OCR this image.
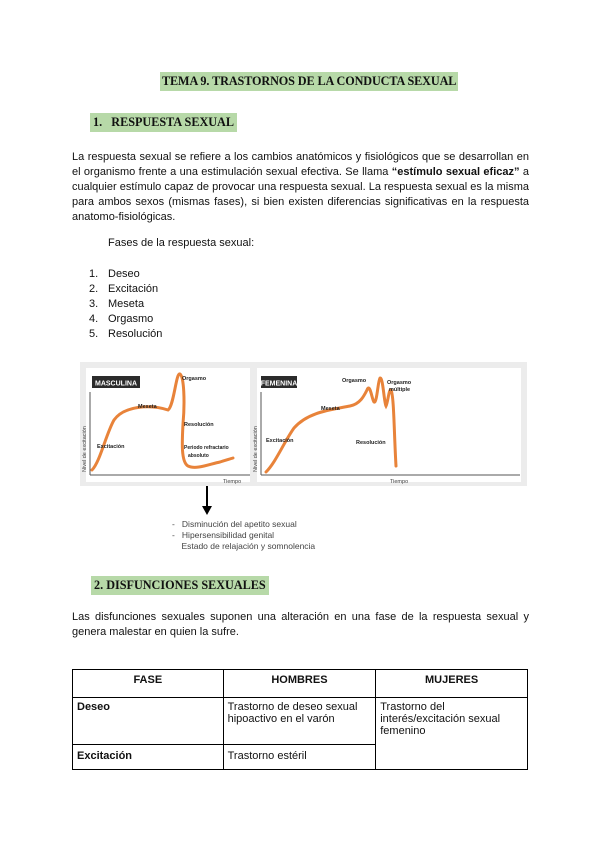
TEMA 9. TRASTORNOS DE LA CONDUCTA SEXUAL
1.   RESPUESTA SEXUAL

La respuesta sexual se refiere a los cambios anatómicos y fisiológicos que se desarrollan en el organismo frente a una estimulación sexual efectiva. Se llama “estímulo sexual eficaz” a cualquier estímulo capaz de provocar una respuesta sexual. La respuesta sexual es la misma para ambos sexos (mismas fases), si bien existen diferencias significativas en la respuesta anatomo-fisiológicas.

Fases de la respuesta sexual:
1. Deseo
2. Excitación
3. Meseta
4. Orgasmo
5. Resolución
MASCULINA
Nivel de excitación
Tiempo
Excitación
Meseta
Orgasmo
Resolución
Periodo refractario
absoluto
FEMENINA
Nivel de excitación
Tiempo
Excitación
Meseta
Orgasmo	Orgasmo
múltiple
Resolución
-   Disminución del apetito sexual
-   Hipersensibilidad genital
Estado de relajación y somnolencia
2. DISFUNCIONES SEXUALES

Las disfunciones sexuales suponen una alteración en una fase de la respuesta sexual y genera malestar en quien la sufre.

FASE	HOMBRES	MUJERES
Deseo	Trastorno de deseo sexual hipoactivo en el varón	Trastorno del interés/excitación sexual femenino
Excitación	Trastorno estéril	
